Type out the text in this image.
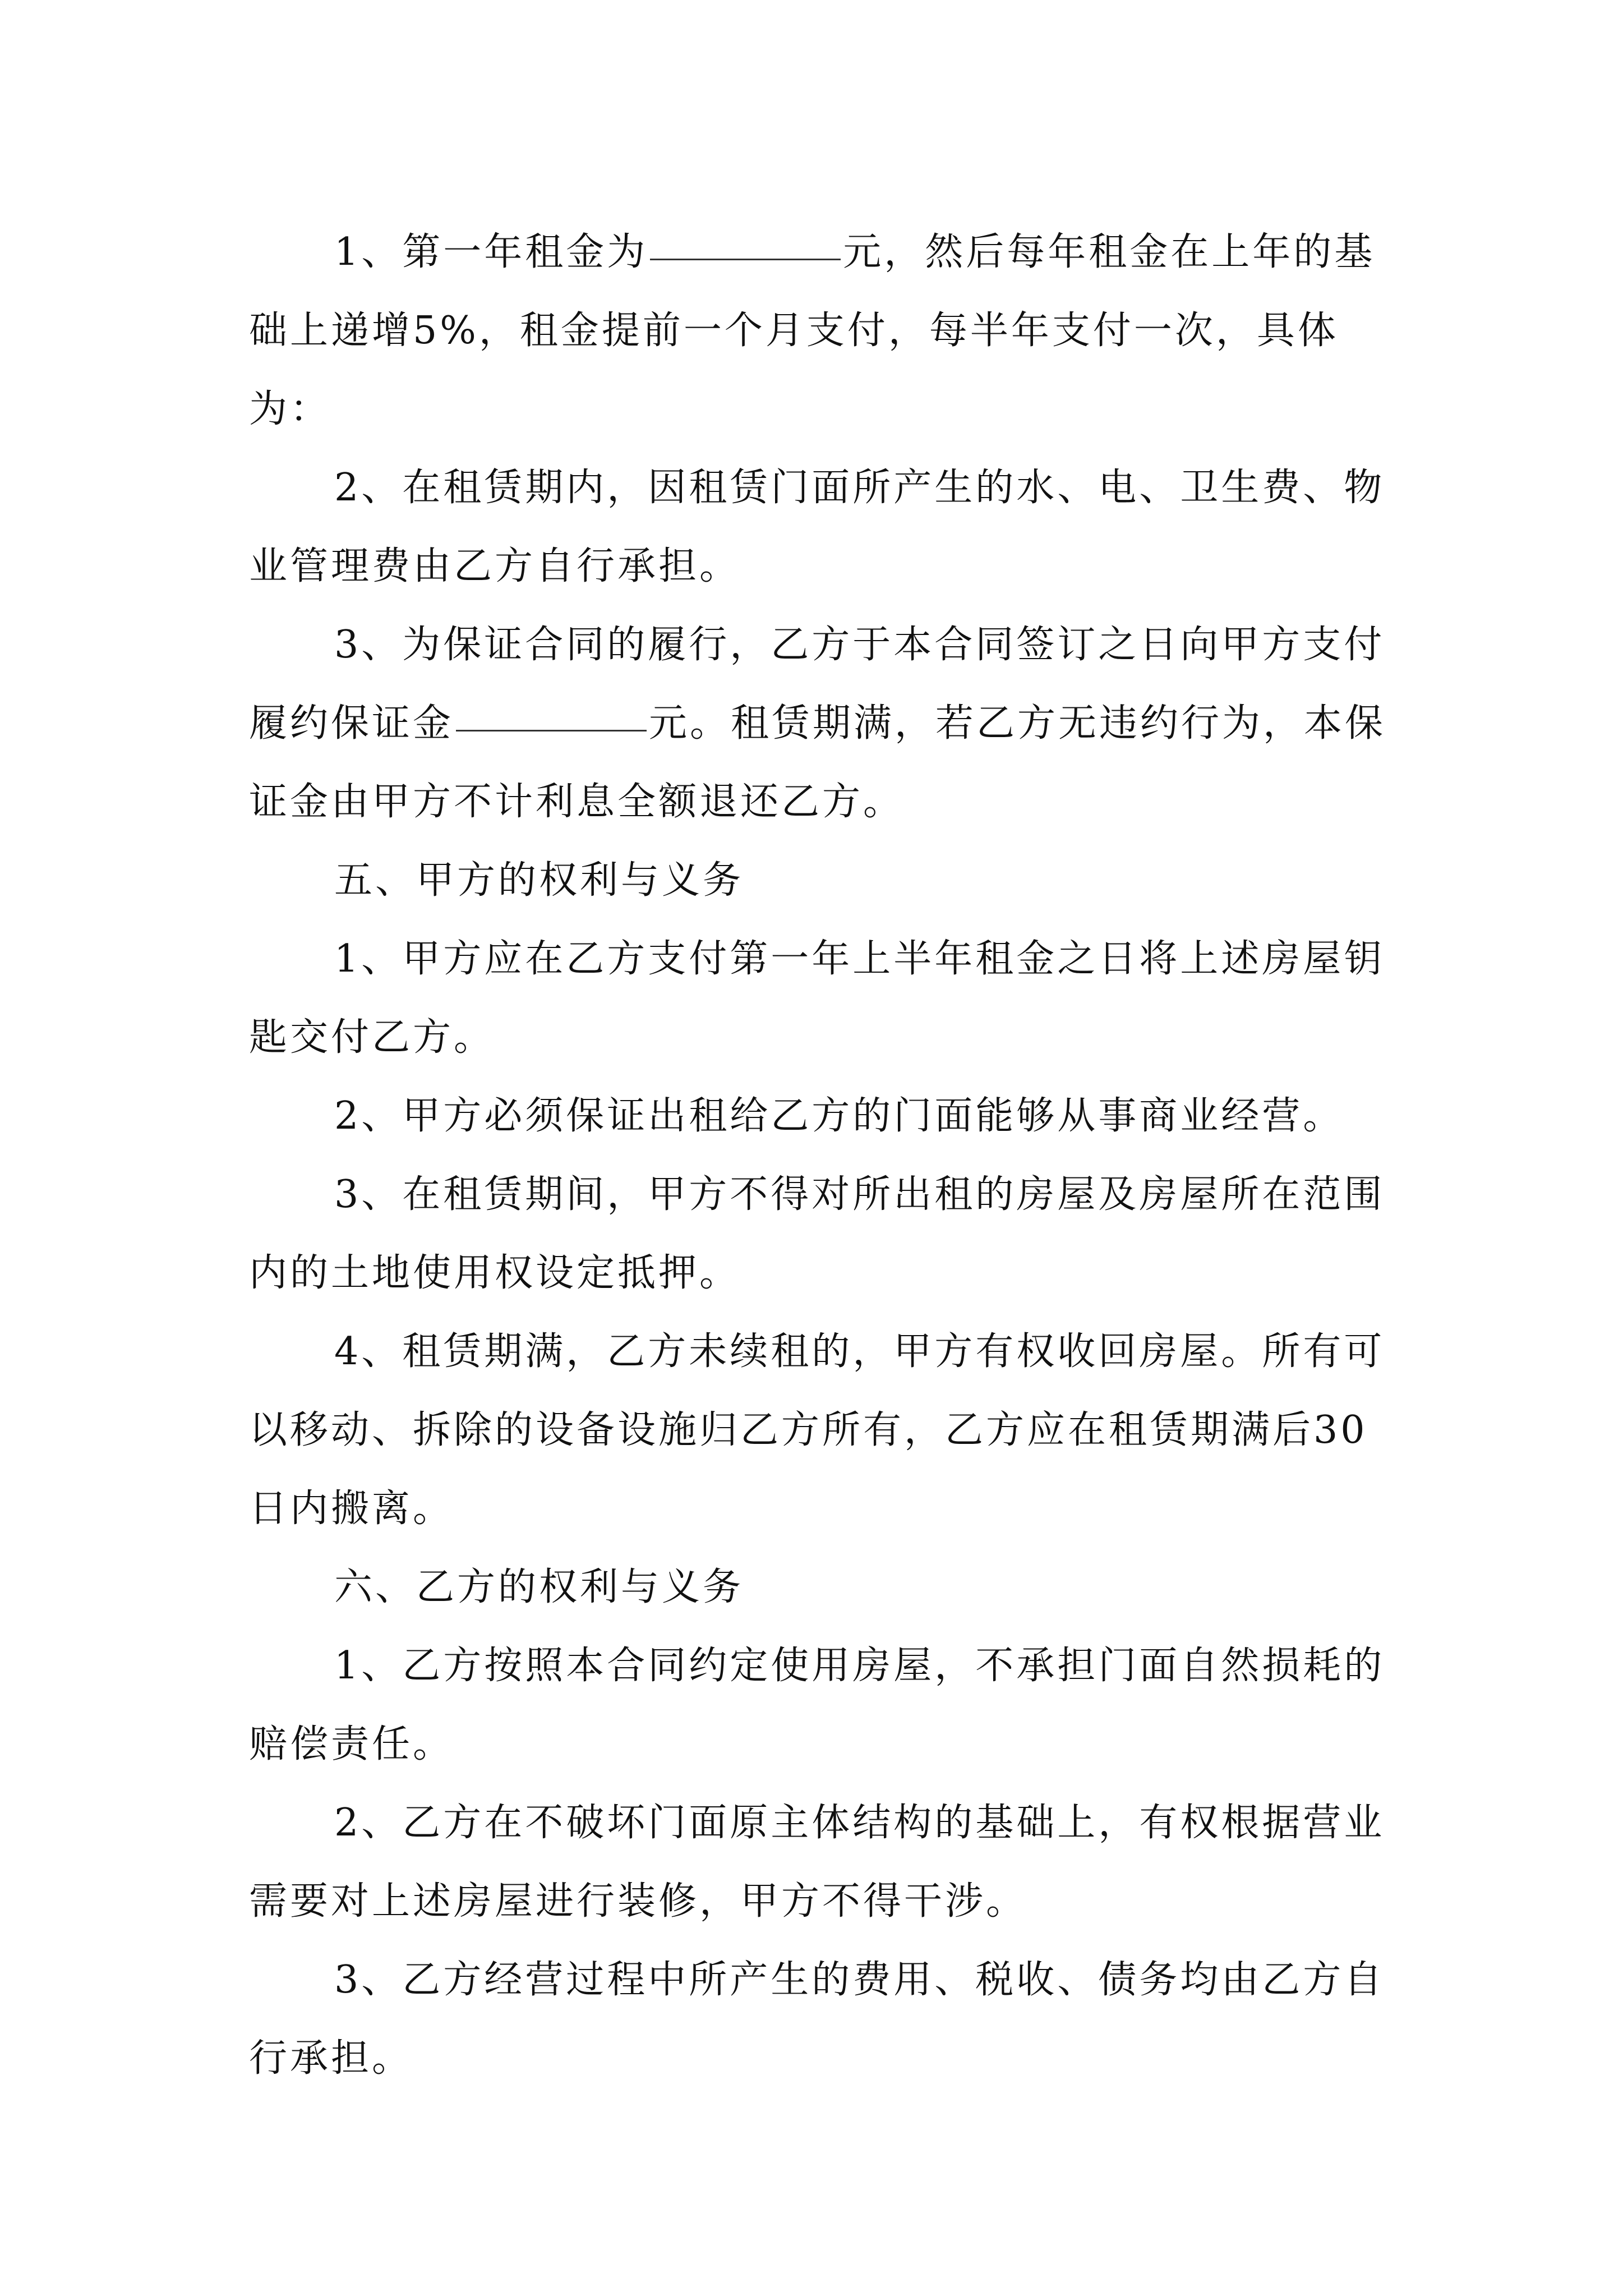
1、第一年租金为	元，然后每年租金在上年的基础上递增5%，租金提前一个月支付，每半年支付一次，具体为：

2、在租赁期内，因租赁门面所产生的水、电、卫生费、物业管理费由乙方自行承担。

3、为保证合同的履行，乙方于本合同签订之日向甲方支付履约保证金	元。租赁期满，若乙方无违约行为，本保证金由甲方不计利息全额退还乙方。

五、甲方的权利与义务

1、甲方应在乙方支付第一年上半年租金之日将上述房屋钥匙交付乙方。

2、甲方必须保证出租给乙方的门面能够从事商业经营。

3、在租赁期间，甲方不得对所出租的房屋及房屋所在范围内的土地使用权设定抵押。

4、租赁期满，乙方未续租的，甲方有权收回房屋。所有可以移动、拆除的设备设施归乙方所有，乙方应在租赁期满后30日内搬离。

六、乙方的权利与义务

1、乙方按照本合同约定使用房屋，不承担门面自然损耗的赔偿责任。

2、乙方在不破坏门面原主体结构的基础上，有权根据营业需要对上述房屋进行装修，甲方不得干涉。

3、乙方经营过程中所产生的费用、税收、债务均由乙方自行承担。
